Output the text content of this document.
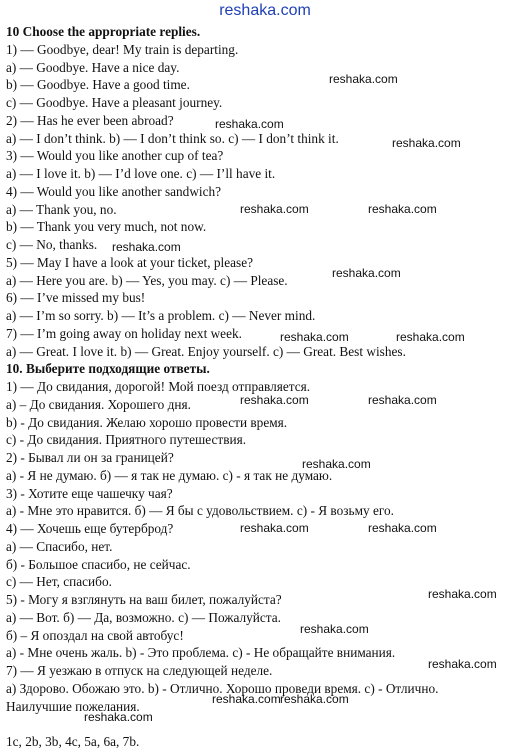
reshaka.com
10 Choose the appropriate replies.
1) — Goodbye, dear! My train is departing.
a) — Goodbye. Have a nice day.
b) — Goodbye. Have a good time.
c) — Goodbye. Have a pleasant journey.
2) — Has he ever been abroad?
a) — I don’t think. b) — I don’t think so. c) — I don’t think it.
3) — Would you like another cup of tea?
a) — I love it. b) — I’d love one. c) — I’ll have it.
4) — Would you like another sandwich?
a) — Thank you, no.
b) — Thank you very much, not now.
c) — No, thanks.
5) — May I have a look at your ticket, please?
a) — Here you are. b) — Yes, you may. c) — Please.
6) — I’ve missed my bus!
a) — I’m so sorry. b) — It’s a problem. c) — Never mind.
7) — I’m going away on holiday next week.
a) — Great. I love it. b) — Great. Enjoy yourself. c) — Great. Best wishes.
10. Выберите подходящие ответы.
1) — До свидания, дорогой! Мой поезд отправляется.
а) – До свидания. Хорошего дня.
b) - До свидания. Желаю хорошо провести время.
с) - До свидания. Приятного путешествия.
2) - Бывал ли он за границей?
а) - Я не думаю. б) — я так не думаю. с) - я так не думаю.
3) - Хотите еще чашечку чая?
а) - Мне это нравится. б) — Я бы с удовольствием. с) - Я возьму его.
4) — Хочешь еще бутерброд?
а) — Спасибо, нет.
б) - Большое спасибо, не сейчас.
с) — Нет, спасибо.
5) - Могу я взглянуть на ваш билет, пожалуйста?
а) — Вот. б) — Да, возможно. с) — Пожалуйста.
б) – Я опоздал на свой автобус!
а) - Мне очень жаль. b) - Это проблема. с) - Не обращайте внимания.
7) — Я уезжаю в отпуск на следующей неделе.
а) Здорово. Обожаю это. b) - Отлично. Хорошо проведи время. с) - Отлично.
Наилучшие пожелания.
1с, 2b, 3b, 4c, 5a, 6a, 7b.
reshaka.com
reshaka.com
reshaka.com
reshaka.com	reshaka.com
reshaka.com
reshaka.com
reshaka.com	reshaka.com
reshaka.com	reshaka.com
reshaka.com
reshaka.com	reshaka.com
reshaka.com
reshaka.com
reshaka.com
reshaka.com
reshaka.com
reshaka.com
